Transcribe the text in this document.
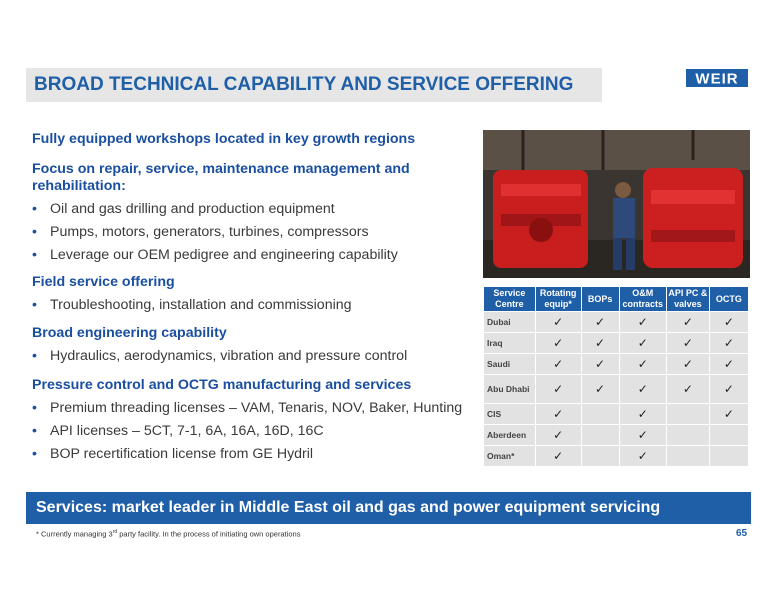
BROAD TECHNICAL CAPABILITY AND SERVICE OFFERING	WEIR
Fully equipped workshops located in key growth regions
Focus on repair, service, maintenance management and rehabilitation:
• Oil and gas drilling and production equipment
• Pumps, motors, generators, turbines, compressors
• Leverage our OEM pedigree and engineering capability
Field service offering
• Troubleshooting, installation and commissioning
Broad engineering capability
• Hydraulics, aerodynamics, vibration and pressure control
Pressure control and OCTG manufacturing and services
• Premium threading licenses – VAM, Tenaris, NOV, Baker, Hunting
• API licenses – 5CT, 7-1, 6A, 16A, 16D, 16C
• BOP recertification license from GE Hydril
Service Centre	Rotating equip*	BOPs	O&M contracts	API PC & valves	OCTG
Dubai	✓	✓	✓	✓	✓
Iraq	✓	✓	✓	✓	✓
Saudi	✓	✓	✓	✓	✓
Abu Dhabi	✓	✓	✓	✓	✓
CIS	✓		✓		✓
Aberdeen	✓		✓		
Oman*	✓		✓		
Services: market leader in Middle East oil and gas and power equipment servicing
* Currently managing 3rd party facility. In the process of initiating own operations	65
